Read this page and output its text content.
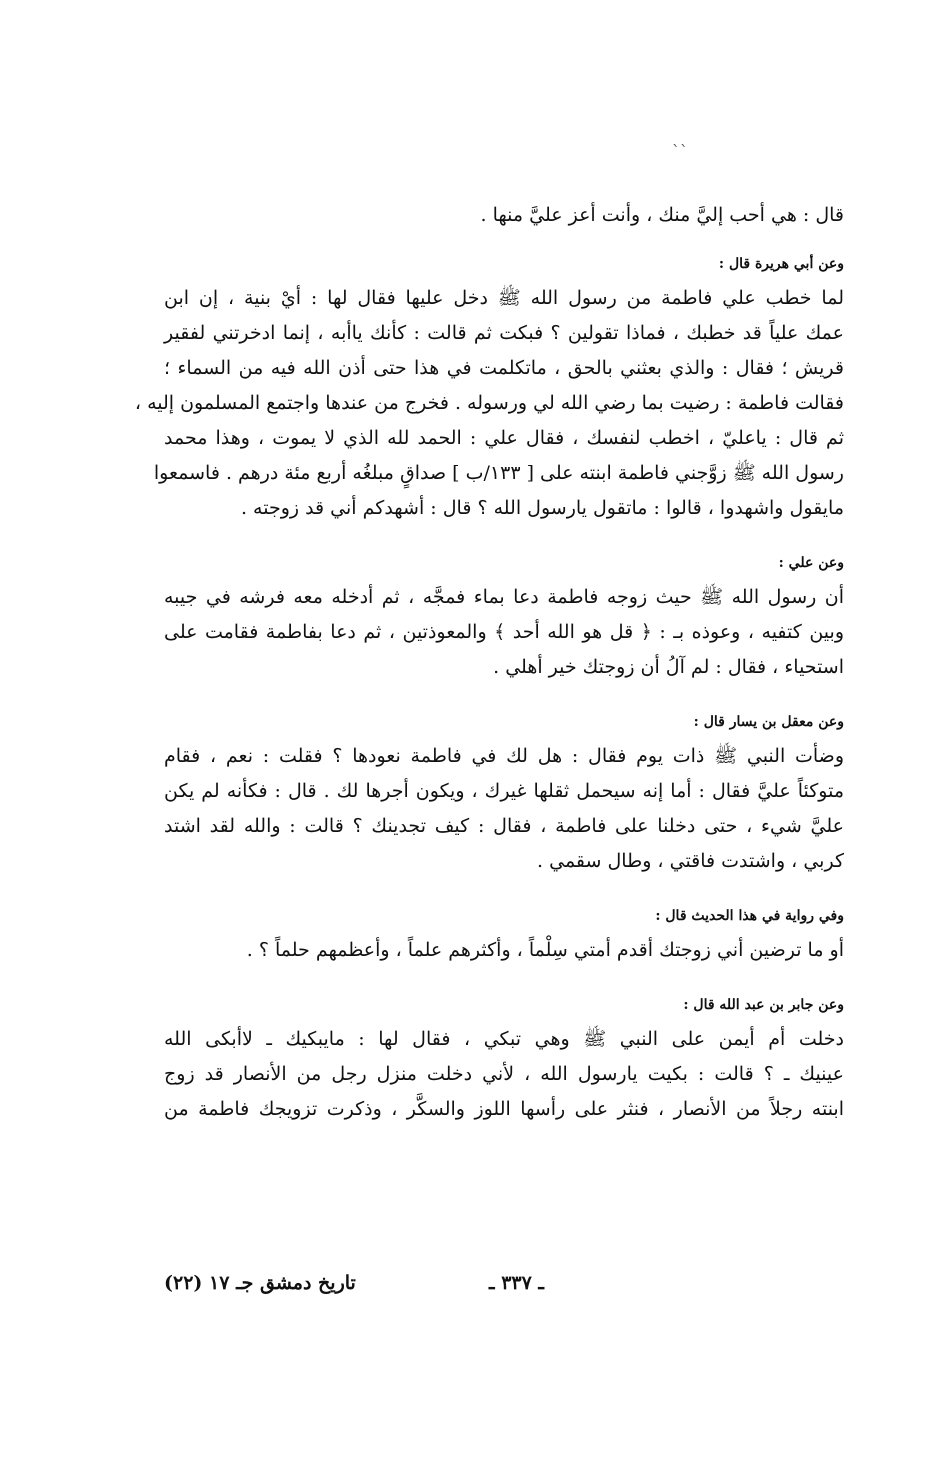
``
قال : هي أحب إليَّ منك ، وأنت أعز عليَّ منها .
وعن أبي هريرة قال :
لما خطب علي فاطمة من رسول الله ﷺ دخل عليها فقال لها : أيْ بنية ، إن ابن
عمك علياً قد خطبك ، فماذا تقولين ؟ فبكت ثم قالت : كأنك ياأبه ، إنما ادخرتني لفقير
قريش ؛ فقال : والذي بعثني بالحق ، ماتكلمت في هذا حتى أذن الله فيه من السماء ؛
فقالت فاطمة : رضيت بما رضي الله لي ورسوله . فخرج من عندها واجتمع المسلمون إليه ،
ثم قال : ياعليّ ، اخطب لنفسك ، فقال علي : الحمد لله الذي لا يموت ، وهذا محمد
رسول الله ﷺ زوَّجني فاطمة ابنته على [ ١٣٣/ب ] صداقٍ مبلغُه أربع مئة درهم . فاسمعوا
مايقول واشهدوا ، قالوا : ماتقول يارسول الله ؟ قال : أشهدكم أني قد زوجته .
وعن علي :
أن رسول الله ﷺ حيث زوجه فاطمة دعا بماء فمجَّه ، ثم أدخله معه فرشه في جيبه
وبين كتفيه ، وعوذه بـ : ﴿ قل هو الله أحد ﴾ والمعوذتين ، ثم دعا بفاطمة فقامت على
استحياء ، فقال : لم آلُ أن زوجتك خير أهلي .
وعن معقل بن يسار قال :
وضأت النبي ﷺ ذات يوم فقال : هل لك في فاطمة نعودها ؟ فقلت : نعم ، فقام
متوكئاً عليَّ فقال : أما إنه سيحمل ثقلها غيرك ، ويكون أجرها لك . قال : فكأنه لم يكن
عليَّ شيء ، حتى دخلنا على فاطمة ، فقال : كيف تجدينك ؟ قالت : والله لقد اشتد
كربي ، واشتدت فاقتي ، وطال سقمي .
وفي رواية في هذا الحديث قال :
أو ما ترضين أني زوجتك أقدم أمتي سِلْماً ، وأكثرهم علماً ، وأعظمهم حلماً ؟ .
وعن جابر بن عبد الله قال :
دخلت أم أيمن على النبي ﷺ وهي تبكي ، فقال لها : مايبكيك ـ لاأبكى الله
عينيك ـ ؟ قالت : بكيت يارسول الله ، لأني دخلت منزل رجل من الأنصار قد زوج
ابنته رجلاً من الأنصار ، فنثر على رأسها اللوز والسكَّر ، وذكرت تزويجك فاطمة من
ـ ٣٣٧ ـ
تاريخ دمشق جـ ١٧ (٢٢)
